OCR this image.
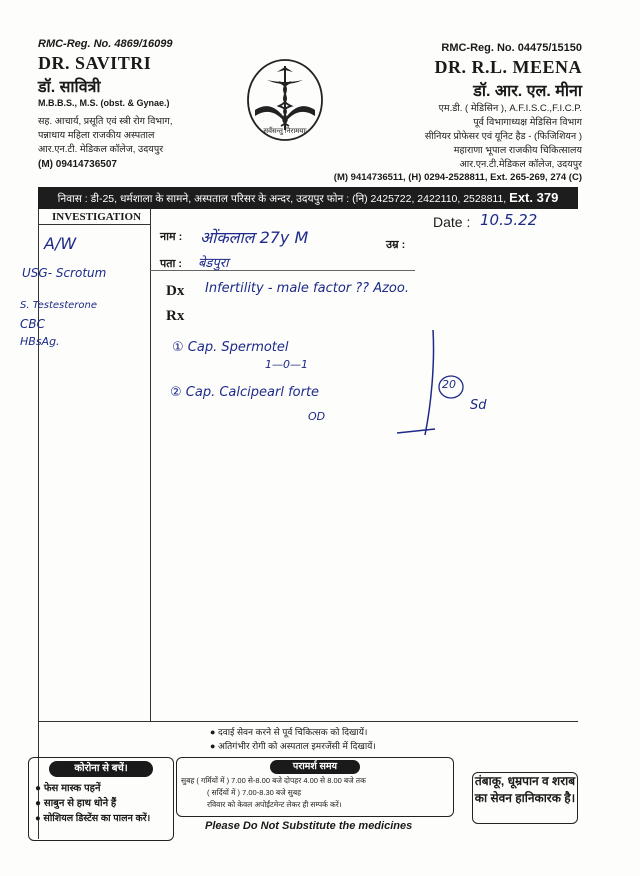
RMC-Reg. No. 4869/16099
DR. SAVITRI
डॉ. सावित्री
M.B.B.S., M.S. (obst. & Gynae.)
सह. आचार्य, प्रसूति एवं स्त्री रोग विभाग,
पन्नाधाय महिला राजकीय अस्पताल
आर.एन.टी. मेडिकल कॉलेज, उदयपुर
(M) 09414736507
सर्वेसन्तु निरामयाः
RMC-Reg. No. 04475/15150
DR. R.L. MEENA
डॉ. आर. एल. मीना
एम.डी. ( मेडिसिन ), A.F.I.S.C.,F.I.C.P.
पूर्व विभागाध्यक्ष मेडिसिन विभाग
सीनियर प्रोफेसर एवं यूनिट हैड - (फिजिशियन )
महाराणा भूपाल राजकीय चिकित्सालय
आर.एन.टी.मेडिकल कॉलेज, उदयपुर
(M) 9414736511, (H) 0294-2528811, Ext. 265-269, 274 (C)
निवास : डी-25, धर्मशाला के सामने, अस्पताल परिसर के अन्दर, उदयपुर फोन : (नि) 2425722, 2422110, 2528811, Ext. 379
INVESTIGATION
नाम :
उम्र :
पता :
Date :
Dx
Rx
ओंकलाल 27y M
बेडपुरा
10.5.22
A/W
USG- Scrotum
S. Testesterone
CBC
HBsAg.
Infertility - male factor ?? Azoo.
① Cap. Spermotel
1—0—1
② Cap. Calcipearl forte
OD
20
Sd
● दवाई सेवन करने से पूर्व चिकित्सक को दिखायें।
● अतिगंभीर रोगी को अस्पताल इमरजेंसी में दिखायें।
कोरोना से बचें।
● फेस मास्क पहनें
● साबुन से हाथ धोने हैं
● सोशियल डिस्टेंस का पालन करें।
परामर्श समय
सुबह ( गर्मियों में ) 7.00 से-8.00 बजे दोपहर 4.00 से 8.00 बजे तक
( सर्दियों में ) 7.00-8.30 बजे सुबह
रविवार को केवल अपोईंटमेन्ट लेकर ही सम्पर्क करें।
तंबाकू, धूम्रपान व शराब का सेवन हानिकारक है।
Please Do Not Substitute the medicines
